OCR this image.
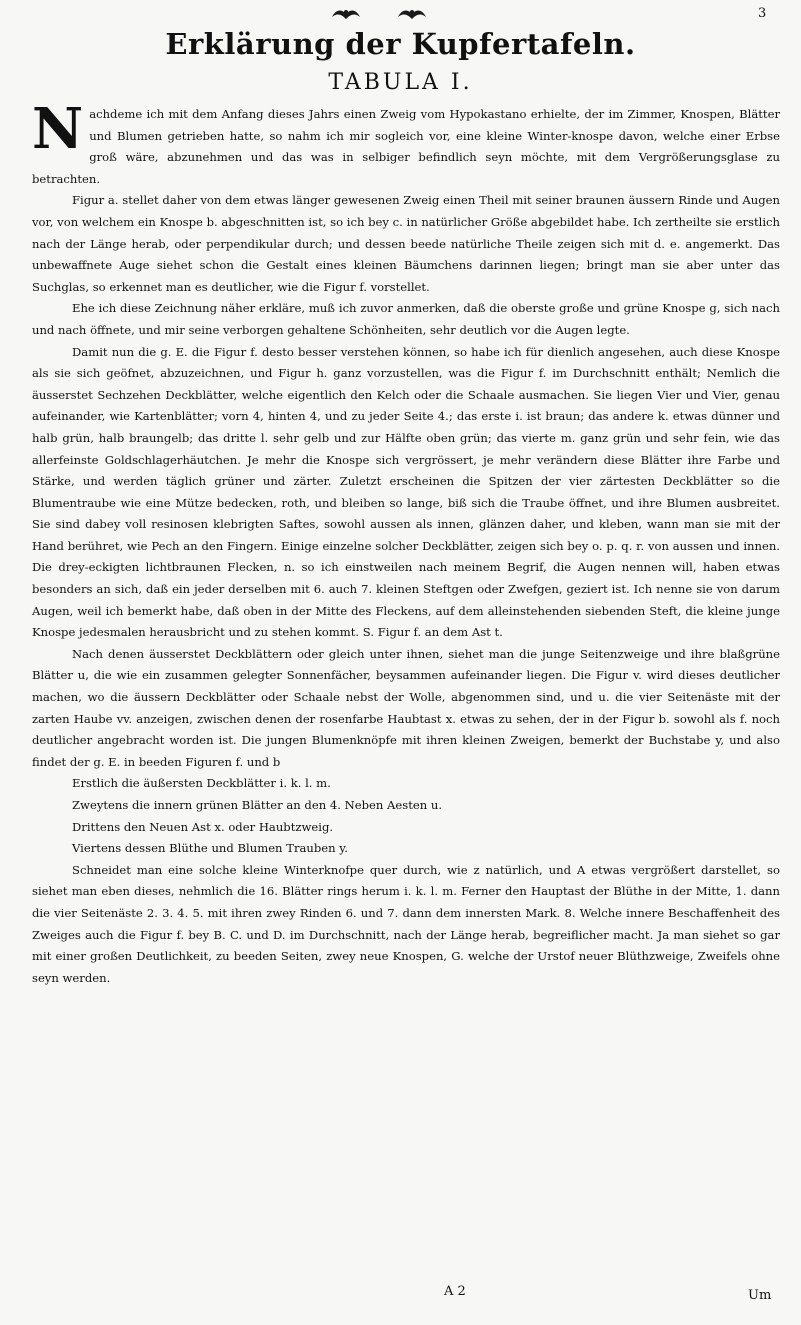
3
Erklärung der Kupfertafeln.
TABULA I.

Nachdeme ich mit dem Anfang dieses Jahrs einen Zweig vom Hypokastano erhielte, der im Zimmer, Knospen, Blätter und Blumen getrieben hatte, so nahm ich mir sogleich vor, eine kleine Winter-knospe davon, welche einer Erbse groß wäre, abzunehmen und das was in selbiger befindlich seyn möchte, mit dem Vergrößerungsglase zu betrachten.

Figur a. stellet daher von dem etwas länger gewesenen Zweig einen Theil mit seiner braunen äussern Rinde und Augen vor, von welchem ein Knospe b. abgeschnitten ist, so ich bey c. in natürlicher Größe abgebildet habe. Ich zertheilte sie erstlich nach der Länge herab, oder perpendikular durch; und dessen beede natürliche Theile zeigen sich mit d. e. angemerkt. Das unbewaffnete Auge siehet schon die Gestalt eines kleinen Bäumchens darinnen liegen; bringt man sie aber unter das Suchglas, so erkennet man es deutlicher, wie die Figur f. vorstellet.

Ehe ich diese Zeichnung näher erkläre, muß ich zuvor anmerken, daß die oberste große und grüne Knospe g, sich nach und nach öffnete, und mir seine verborgen gehaltene Schönheiten, sehr deutlich vor die Augen legte.

Damit nun die g. E. die Figur f. desto besser verstehen können, so habe ich für dienlich angesehen, auch diese Knospe als sie sich geöfnet, abzuzeichnen, und Figur h. ganz vorzustellen, was die Figur f. im Durchschnitt enthält; Nemlich die äusserstet Sechzehen Deckblätter, welche eigentlich den Kelch oder die Schaale ausmachen. Sie liegen Vier und Vier, genau aufeinander, wie Kartenblätter; vorn 4, hinten 4, und zu jeder Seite 4.; das erste i. ist braun; das andere k. etwas dünner und halb grün, halb braungelb; das dritte l. sehr gelb und zur Hälfte oben grün; das vierte m. ganz grün und sehr fein, wie das allerfeinste Goldschlagerhäutchen. Je mehr die Knospe sich vergrössert, je mehr verändern diese Blätter ihre Farbe und Stärke, und werden täglich grüner und zärter. Zuletzt erscheinen die Spitzen der vier zärtesten Deckblätter so die Blumentraube wie eine Mütze bedecken, roth, und bleiben so lange, biß sich die Traube öffnet, und ihre Blumen ausbreitet. Sie sind dabey voll resinosen klebrigten Saftes, sowohl aussen als innen, glänzen daher, und kleben, wann man sie mit der Hand berühret, wie Pech an den Fingern. Einige einzelne solcher Deckblätter, zeigen sich bey o. p. q. r. von aussen und innen. Die drey-eckigten lichtbraunen Flecken, n. so ich einstweilen nach meinem Begrif, die Augen nennen will, haben etwas besonders an sich, daß ein jeder derselben mit 6. auch 7. kleinen Steftgen oder Zwefgen, geziert ist. Ich nenne sie von darum Augen, weil ich bemerkt habe, daß oben in der Mitte des Fleckens, auf dem alleinstehenden siebenden Steft, die kleine junge Knospe jedesmalen herausbricht und zu stehen kommt. S. Figur f. an dem Ast t.

Nach denen äusserstet Deckblättern oder gleich unter ihnen, siehet man die junge Seitenzweige und ihre blaßgrüne Blätter u, die wie ein zusammen gelegter Sonnenfächer, beysammen aufeinander liegen. Die Figur v. wird dieses deutlicher machen, wo die äussern Deckblätter oder Schaale nebst der Wolle, abgenommen sind, und u. die vier Seitenäste mit der zarten Haube vv. anzeigen, zwischen denen der rosenfarbe Haubtast x. etwas zu sehen, der in der Figur b. sowohl als f. noch deutlicher angebracht worden ist. Die jungen Blumenknöpfe mit ihren kleinen Zweigen, bemerkt der Buchstabe y, und also findet der g. E. in beeden Figuren f. und b

Erstlich die äußersten Deckblätter i. k. l. m.

Zweytens die innern grünen Blätter an den 4. Neben Aesten u.

Drittens den Neuen Ast x. oder Haubtzweig.

Viertens dessen Blüthe und Blumen Trauben y.

Schneidet man eine solche kleine Winterknofpe quer durch, wie z natürlich, und A etwas vergrößert darstellet, so siehet man eben dieses, nehmlich die 16. Blätter rings herum i. k. l. m. Ferner den Hauptast der Blüthe in der Mitte, 1. dann die vier Seitenäste 2. 3. 4. 5. mit ihren zwey Rinden 6. und 7. dann dem innersten Mark. 8. Welche innere Beschaffenheit des Zweiges auch die Figur f. bey B. C. und D. im Durchschnitt, nach der Länge herab, begreiflicher macht. Ja man siehet so gar mit einer großen Deutlichkeit, zu beeden Seiten, zwey neue Knospen, G. welche der Urstof neuer Blüthzweige, Zweifels ohne seyn werden.

A 2	Um
